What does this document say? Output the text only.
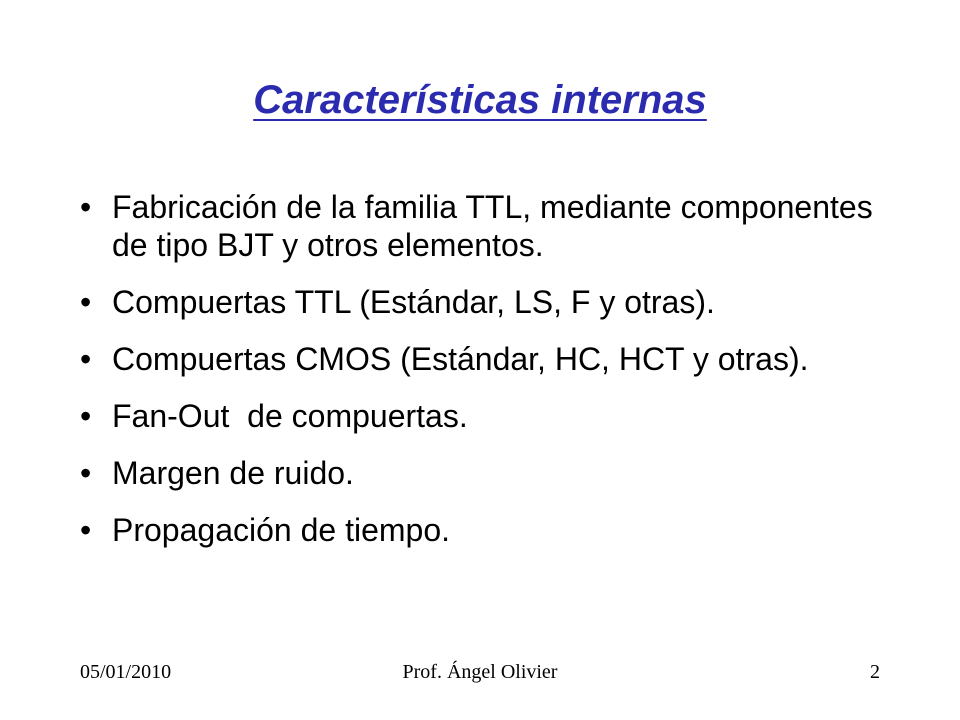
Características internas
• Fabricación de la familia TTL, mediante componentes de tipo BJT y otros elementos.
• Compuertas TTL (Estándar, LS, F y otras).
• Compuertas CMOS (Estándar, HC, HCT y otras).
• Fan-Out  de compuertas.
• Margen de ruido.
• Propagación de tiempo.
05/01/2010	Prof. Ángel Olivier	2
